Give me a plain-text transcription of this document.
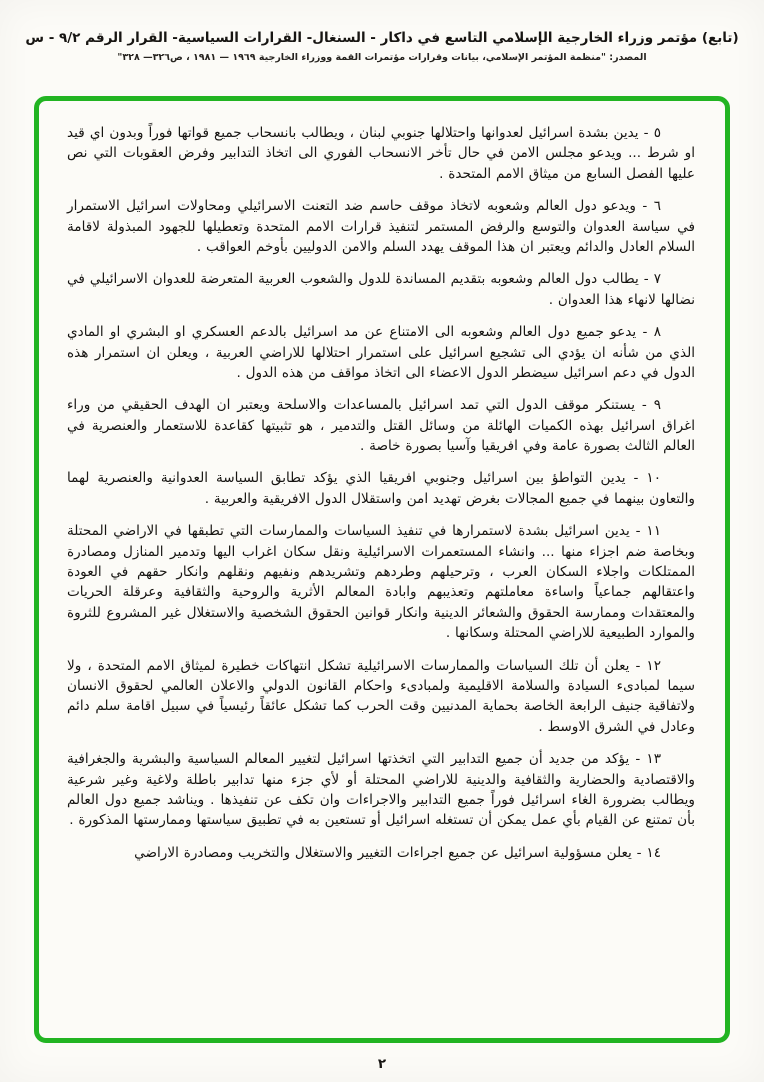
(تابع) مؤتمر وزراء الخارجية الإسلامي التاسع في داكار - السنغال- القرارات السياسية- القرار الرقم ٩/٢ - س
المصدر: "منظمة المؤتمر الإسلامي، بيانات وقرارات مؤتمرات القمة ووزراء الخارجية ١٩٦٩ — ١٩٨١ ، ص٣٢٦— ٣٢٨"
٥ - يدين بشدة اسرائيل لعدوانها واحتلالها جنوبي لبنان ، ويطالب بانسحاب جميع قواتها فوراً وبدون اي قيد او شرط ... ويدعو مجلس الامن في حال تأخر الانسحاب الفوري الى اتخاذ التدابير وفرض العقوبات التي نص عليها الفصل السابع من ميثاق الامم المتحدة .
٦ - ويدعو دول العالم وشعوبه لاتخاذ موقف حاسم ضد التعنت الاسرائيلي ومحاولات اسرائيل الاستمرار في سياسة العدوان والتوسع والرفض المستمر لتنفيذ قرارات الامم المتحدة وتعطيلها للجهود المبذولة لاقامة السلام العادل والدائم ويعتبر ان هذا الموقف يهدد السلم والامن الدوليين بأوخم العواقب .
٧ - يطالب دول العالم وشعوبه بتقديم المساندة للدول والشعوب العربية المتعرضة للعدوان الاسرائيلي في نضالها لانهاء هذا العدوان .
٨ - يدعو جميع دول العالم وشعوبه الى الامتناع عن مد اسرائيل بالدعم العسكري او البشري او المادي الذي من شأنه ان يؤدي الى تشجيع اسرائيل على استمرار احتلالها للاراضي العربية ، ويعلن ان استمرار هذه الدول في دعم اسرائيل سيضطر الدول الاعضاء الى اتخاذ مواقف من هذه الدول .
٩ - يستنكر موقف الدول التي تمد اسرائيل بالمساعدات والاسلحة ويعتبر ان الهدف الحقيقي من وراء اغراق اسرائيل بهذه الكميات الهائلة من وسائل القتل والتدمير ، هو تثبيتها كقاعدة للاستعمار والعنصرية في العالم الثالث بصورة عامة وفي افريقيا وآسيا بصورة خاصة .
١٠ - يدين التواطؤ بين اسرائيل وجنوبي افريقيا الذي يؤكد تطابق السياسة العدوانية والعنصرية لهما والتعاون بينهما في جميع المجالات بغرض تهديد امن واستقلال الدول الافريقية والعربية .
١١ - يدين اسرائيل بشدة لاستمرارها في تنفيذ السياسات والممارسات التي تطبقها في الاراضي المحتلة وبخاصة ضم اجزاء منها ... وانشاء المستعمرات الاسرائيلية ونقل سكان اغراب اليها وتدمير المنازل ومصادرة الممتلكات واجلاء السكان العرب ، وترحيلهم وطردهم وتشريدهم ونفيهم ونقلهم وانكار حقهم في العودة واعتقالهم جماعياً واساءة معاملتهم وتعذيبهم وابادة المعالم الأثرية والروحية والثقافية وعرقلة الحريات والمعتقدات وممارسة الحقوق والشعائر الدينية وانكار قوانين الحقوق الشخصية والاستغلال غير المشروع للثروة والموارد الطبيعية للاراضي المحتلة وسكانها .
١٢ - يعلن أن تلك السياسات والممارسات الاسرائيلية تشكل انتهاكات خطيرة لميثاق الامم المتحدة ، ولا سيما لمبادىء السيادة والسلامة الاقليمية ولمبادىء واحكام القانون الدولي والاعلان العالمي لحقوق الانسان ولاتفاقية جنيف الرابعة الخاصة بحماية المدنيين وقت الحرب كما تشكل عائقاً رئيسياً في سبيل اقامة سلم دائم وعادل في الشرق الاوسط .
١٣ - يؤكد من جديد أن جميع التدابير التي اتخذتها اسرائيل لتغيير المعالم السياسية والبشرية والجغرافية والاقتصادية والحضارية والثقافية والدينية للاراضي المحتلة أو لأي جزء منها تدابير باطلة ولاغية وغير شرعية ويطالب بضرورة الغاء اسرائيل فوراً جميع التدابير والاجراءات وان تكف عن تنفيذها . ويناشد جميع دول العالم بأن تمتنع عن القيام بأي عمل يمكن أن تستغله اسرائيل أو تستعين به في تطبيق سياستها وممارستها المذكورة .
١٤ - يعلن مسؤولية اسرائيل عن جميع اجراءات التغيير والاستغلال والتخريب ومصادرة الاراضي
٢
